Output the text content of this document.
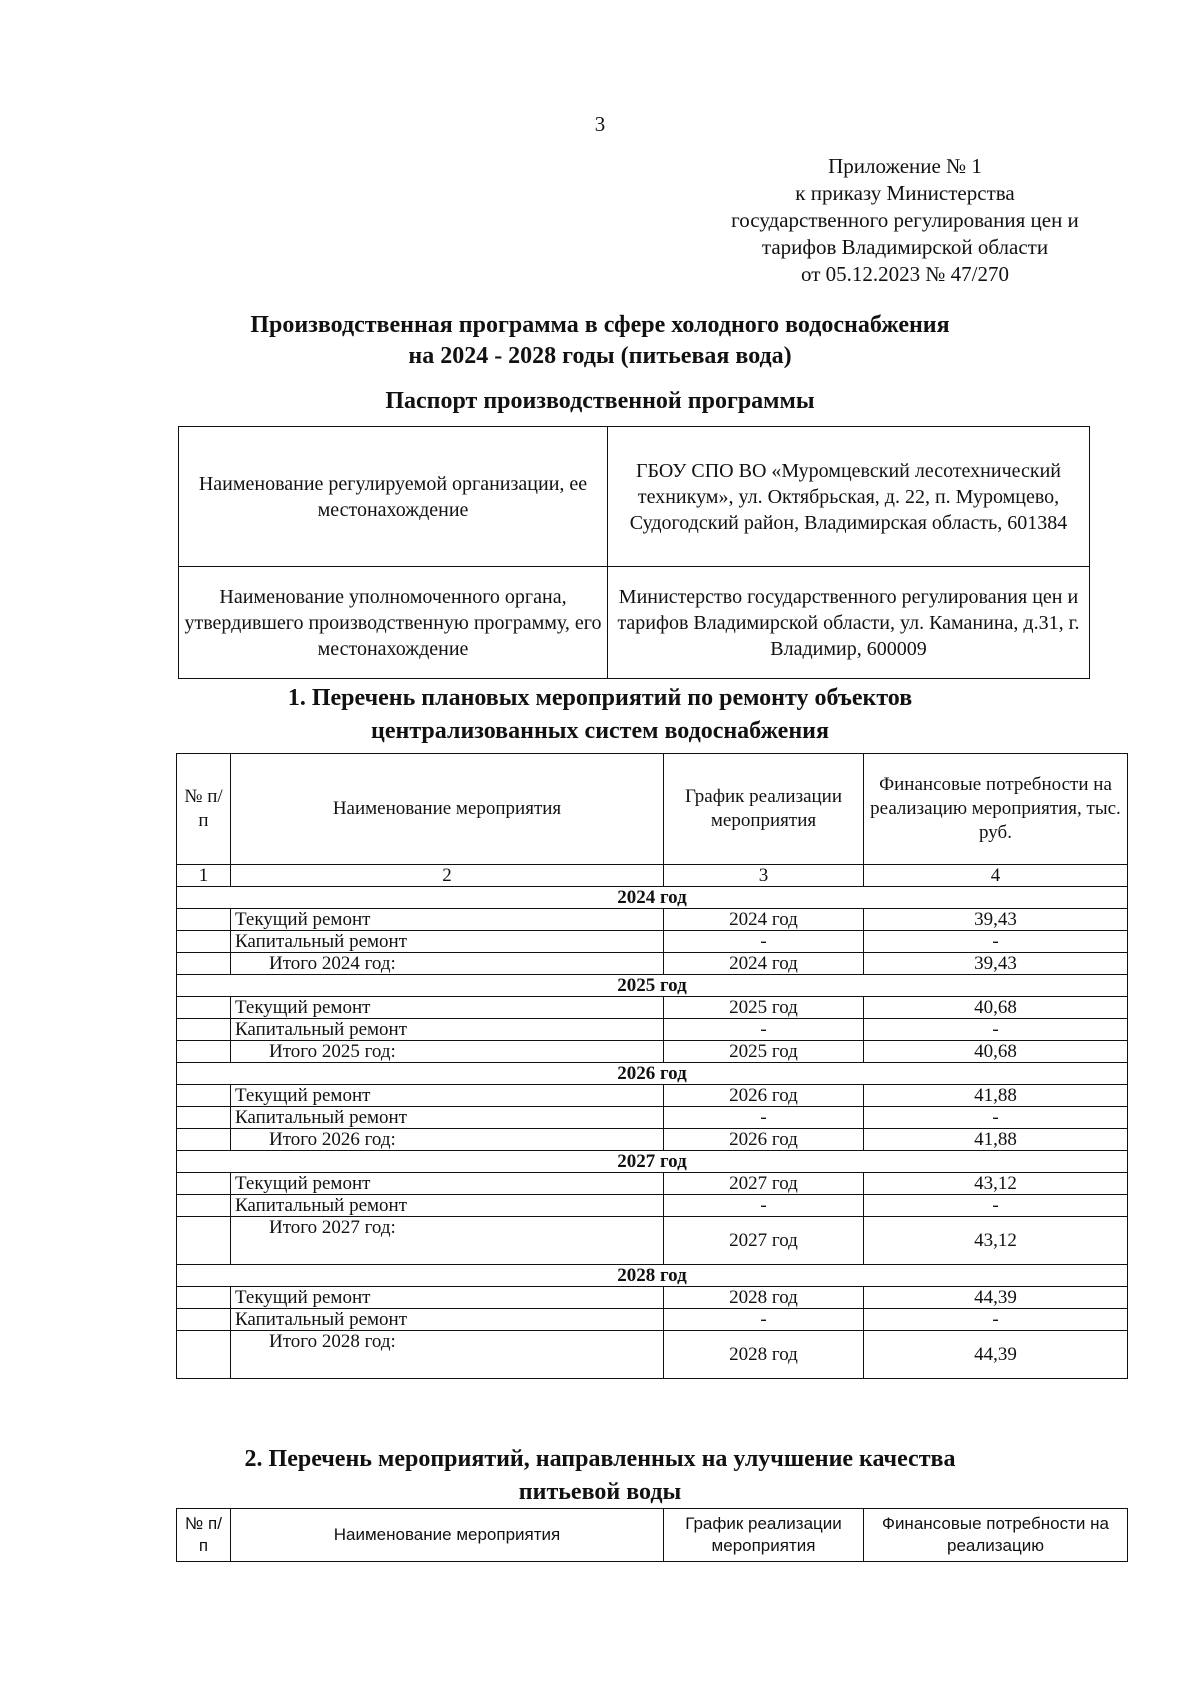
3
Приложение № 1
к приказу Министерства
государственного регулирования цен и
тарифов Владимирской области
от 05.12.2023 № 47/270
Производственная программа в сфере холодного водоснабжения
на 2024 - 2028 годы (питьевая вода)
Паспорт производственной программы
Наименование регулируемой организации, ее местонахождение	ГБОУ СПО ВО «Муромцевский лесотехнический техникум», ул. Октябрьская, д. 22, п. Муромцево, Судогодский район, Владимирская область, 601384
Наименование уполномоченного органа, утвердившего производственную программу, его местонахождение	Министерство государственного регулирования цен и тарифов Владимирской области, ул. Каманина, д.31, г. Владимир, 600009
1. Перечень плановых мероприятий по ремонту объектов
централизованных систем водоснабжения
№ п/п	Наименование мероприятия	График реализации мероприятия	Финансовые потребности на реализацию мероприятия, тыс. руб.
1	2	3	4
2024 год			
	Текущий ремонт	2024 год	39,43
	Капитальный ремонт	-	-
	Итого 2024 год:	2024 год	39,43
2025 год			
	Текущий ремонт	2025 год	40,68
	Капитальный ремонт	-	-
	Итого 2025 год:	2025 год	40,68
2026 год			
	Текущий ремонт	2026 год	41,88
	Капитальный ремонт	-	-
	Итого 2026 год:	2026 год	41,88
2027 год			
	Текущий ремонт	2027 год	43,12
	Капитальный ремонт	-	-
	Итого 2027 год:	2027 год	43,12
2028 год			
	Текущий ремонт	2028 год	44,39
	Капитальный ремонт	-	-
	Итого 2028 год:	2028 год	44,39
2. Перечень мероприятий, направленных на улучшение качества
питьевой воды
№ п/п	Наименование мероприятия	График реализации мероприятия	Финансовые потребности на реализацию
